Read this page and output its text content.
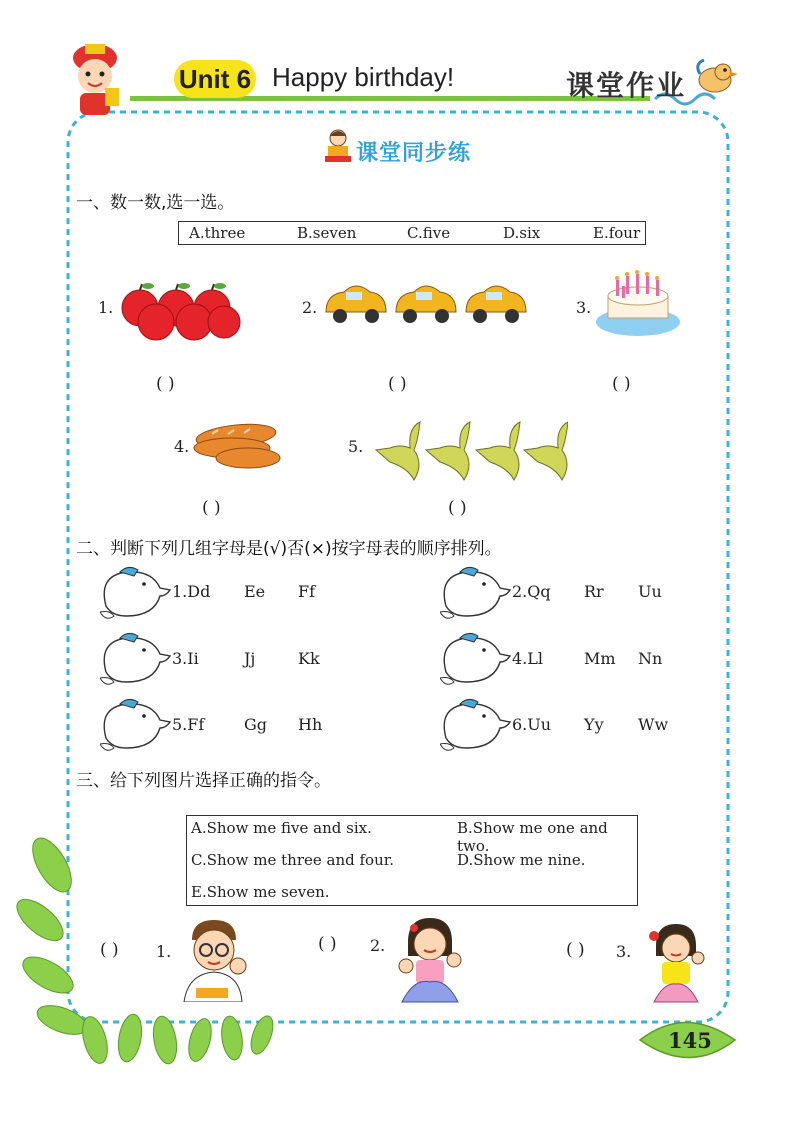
Unit 6 Happy birthday!	课堂作业
课堂同步练
一、数一数,选一选。
A.three	B.seven	C.five	D.six	E.four
1.
( )
2.
( )
3.
( )
4.
( )
5.
( )
二、判断下列几组字母是(√)否(×)按字母表的顺序排列。
1.Dd Ee Ff	2.Qq Rr Uu
3.Ii	Jj	Kk	4.Ll	Mm Nn
5.Ff Gg Hh	6.Uu Yy Ww
三、给下列图片选择正确的指令。
A.Show me five and six.	B.Show me one and two.
C.Show me three and four.	D.Show me nine.
E.Show me seven.
( ) 1.	( ) 2.	( ) 3.
145
